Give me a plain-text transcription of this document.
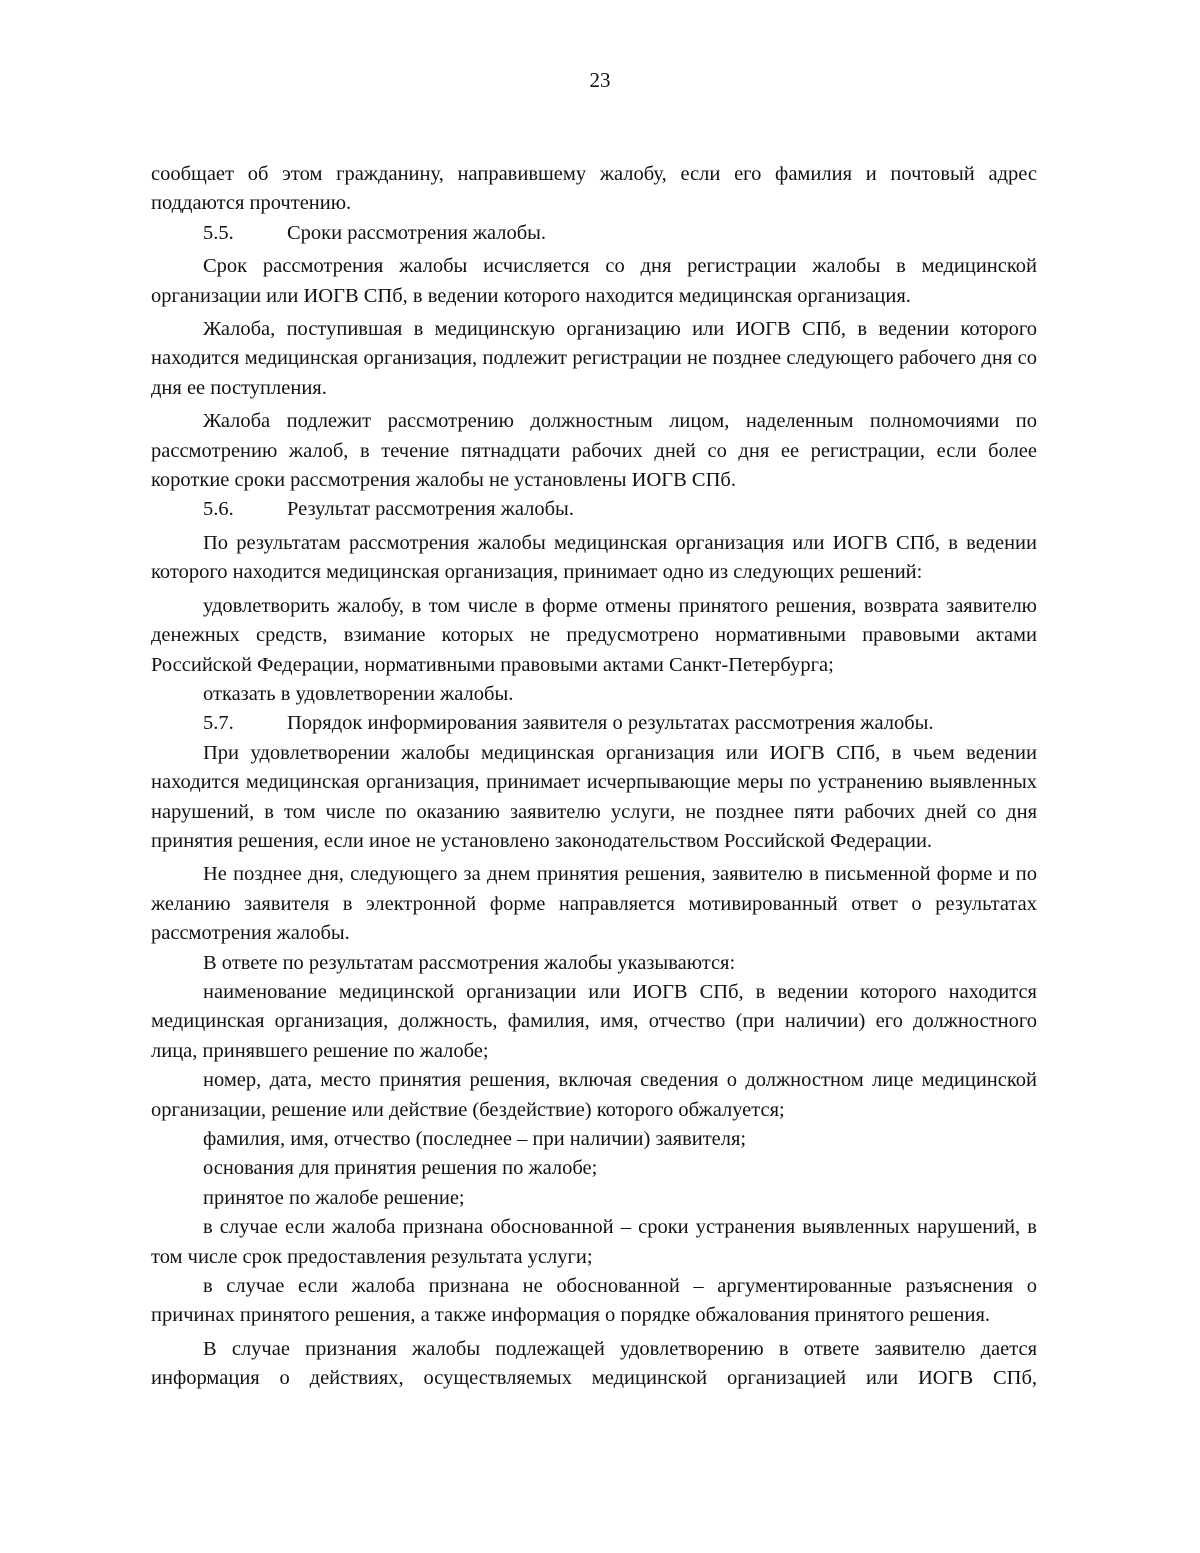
23

сообщает об этом гражданину, направившему жалобу, если его фамилия и почтовый адрес поддаются прочтению.

5.5.	Сроки рассмотрения жалобы.

Срок рассмотрения жалобы исчисляется со дня регистрации жалобы в медицинской организации или ИОГВ СПб, в ведении которого находится медицинская организация.

Жалоба, поступившая в медицинскую организацию или ИОГВ СПб, в ведении которого находится медицинская организация, подлежит регистрации не позднее следующего рабочего дня со дня ее поступления.

Жалоба подлежит рассмотрению должностным лицом, наделенным полномочиями по рассмотрению жалоб, в течение пятнадцати рабочих дней со дня ее регистрации, если более короткие сроки рассмотрения жалобы не установлены ИОГВ СПб.

5.6.	Результат рассмотрения жалобы.

По результатам рассмотрения жалобы медицинская организация или ИОГВ СПб, в ведении которого находится медицинская организация, принимает одно из следующих решений:

удовлетворить жалобу, в том числе в форме отмены принятого решения, возврата заявителю денежных средств, взимание которых не предусмотрено нормативными правовыми актами Российской Федерации, нормативными правовыми актами Санкт-Петербурга;

отказать в удовлетворении жалобы.

5.7.	Порядок информирования заявителя о результатах рассмотрения жалобы.

При удовлетворении жалобы медицинская организация или ИОГВ СПб, в чьем ведении находится медицинская организация, принимает исчерпывающие меры по устранению выявленных нарушений, в том числе по оказанию заявителю услуги, не позднее пяти рабочих дней со дня принятия решения, если иное не установлено законодательством Российской Федерации.

Не позднее дня, следующего за днем принятия решения, заявителю в письменной форме и по желанию заявителя в электронной форме направляется мотивированный ответ о результатах рассмотрения жалобы.

В ответе по результатам рассмотрения жалобы указываются:

наименование медицинской организации или ИОГВ СПб, в ведении которого находится медицинская организация, должность, фамилия, имя, отчество (при наличии) его должностного лица, принявшего решение по жалобе;

номер, дата, место принятия решения, включая сведения о должностном лице медицинской организации, решение или действие (бездействие) которого обжалуется;

фамилия, имя, отчество (последнее – при наличии) заявителя;

основания для принятия решения по жалобе;

принятое по жалобе решение;

в случае если жалоба признана обоснованной – сроки устранения выявленных нарушений, в том числе срок предоставления результата услуги;

в случае если жалоба признана не обоснованной – аргументированные разъяснения о причинах принятого решения, а также информация о порядке обжалования принятого решения.

В случае признания жалобы подлежащей удовлетворению в ответе заявителю дается информация о действиях, осуществляемых медицинской организацией или ИОГВ СПб,
